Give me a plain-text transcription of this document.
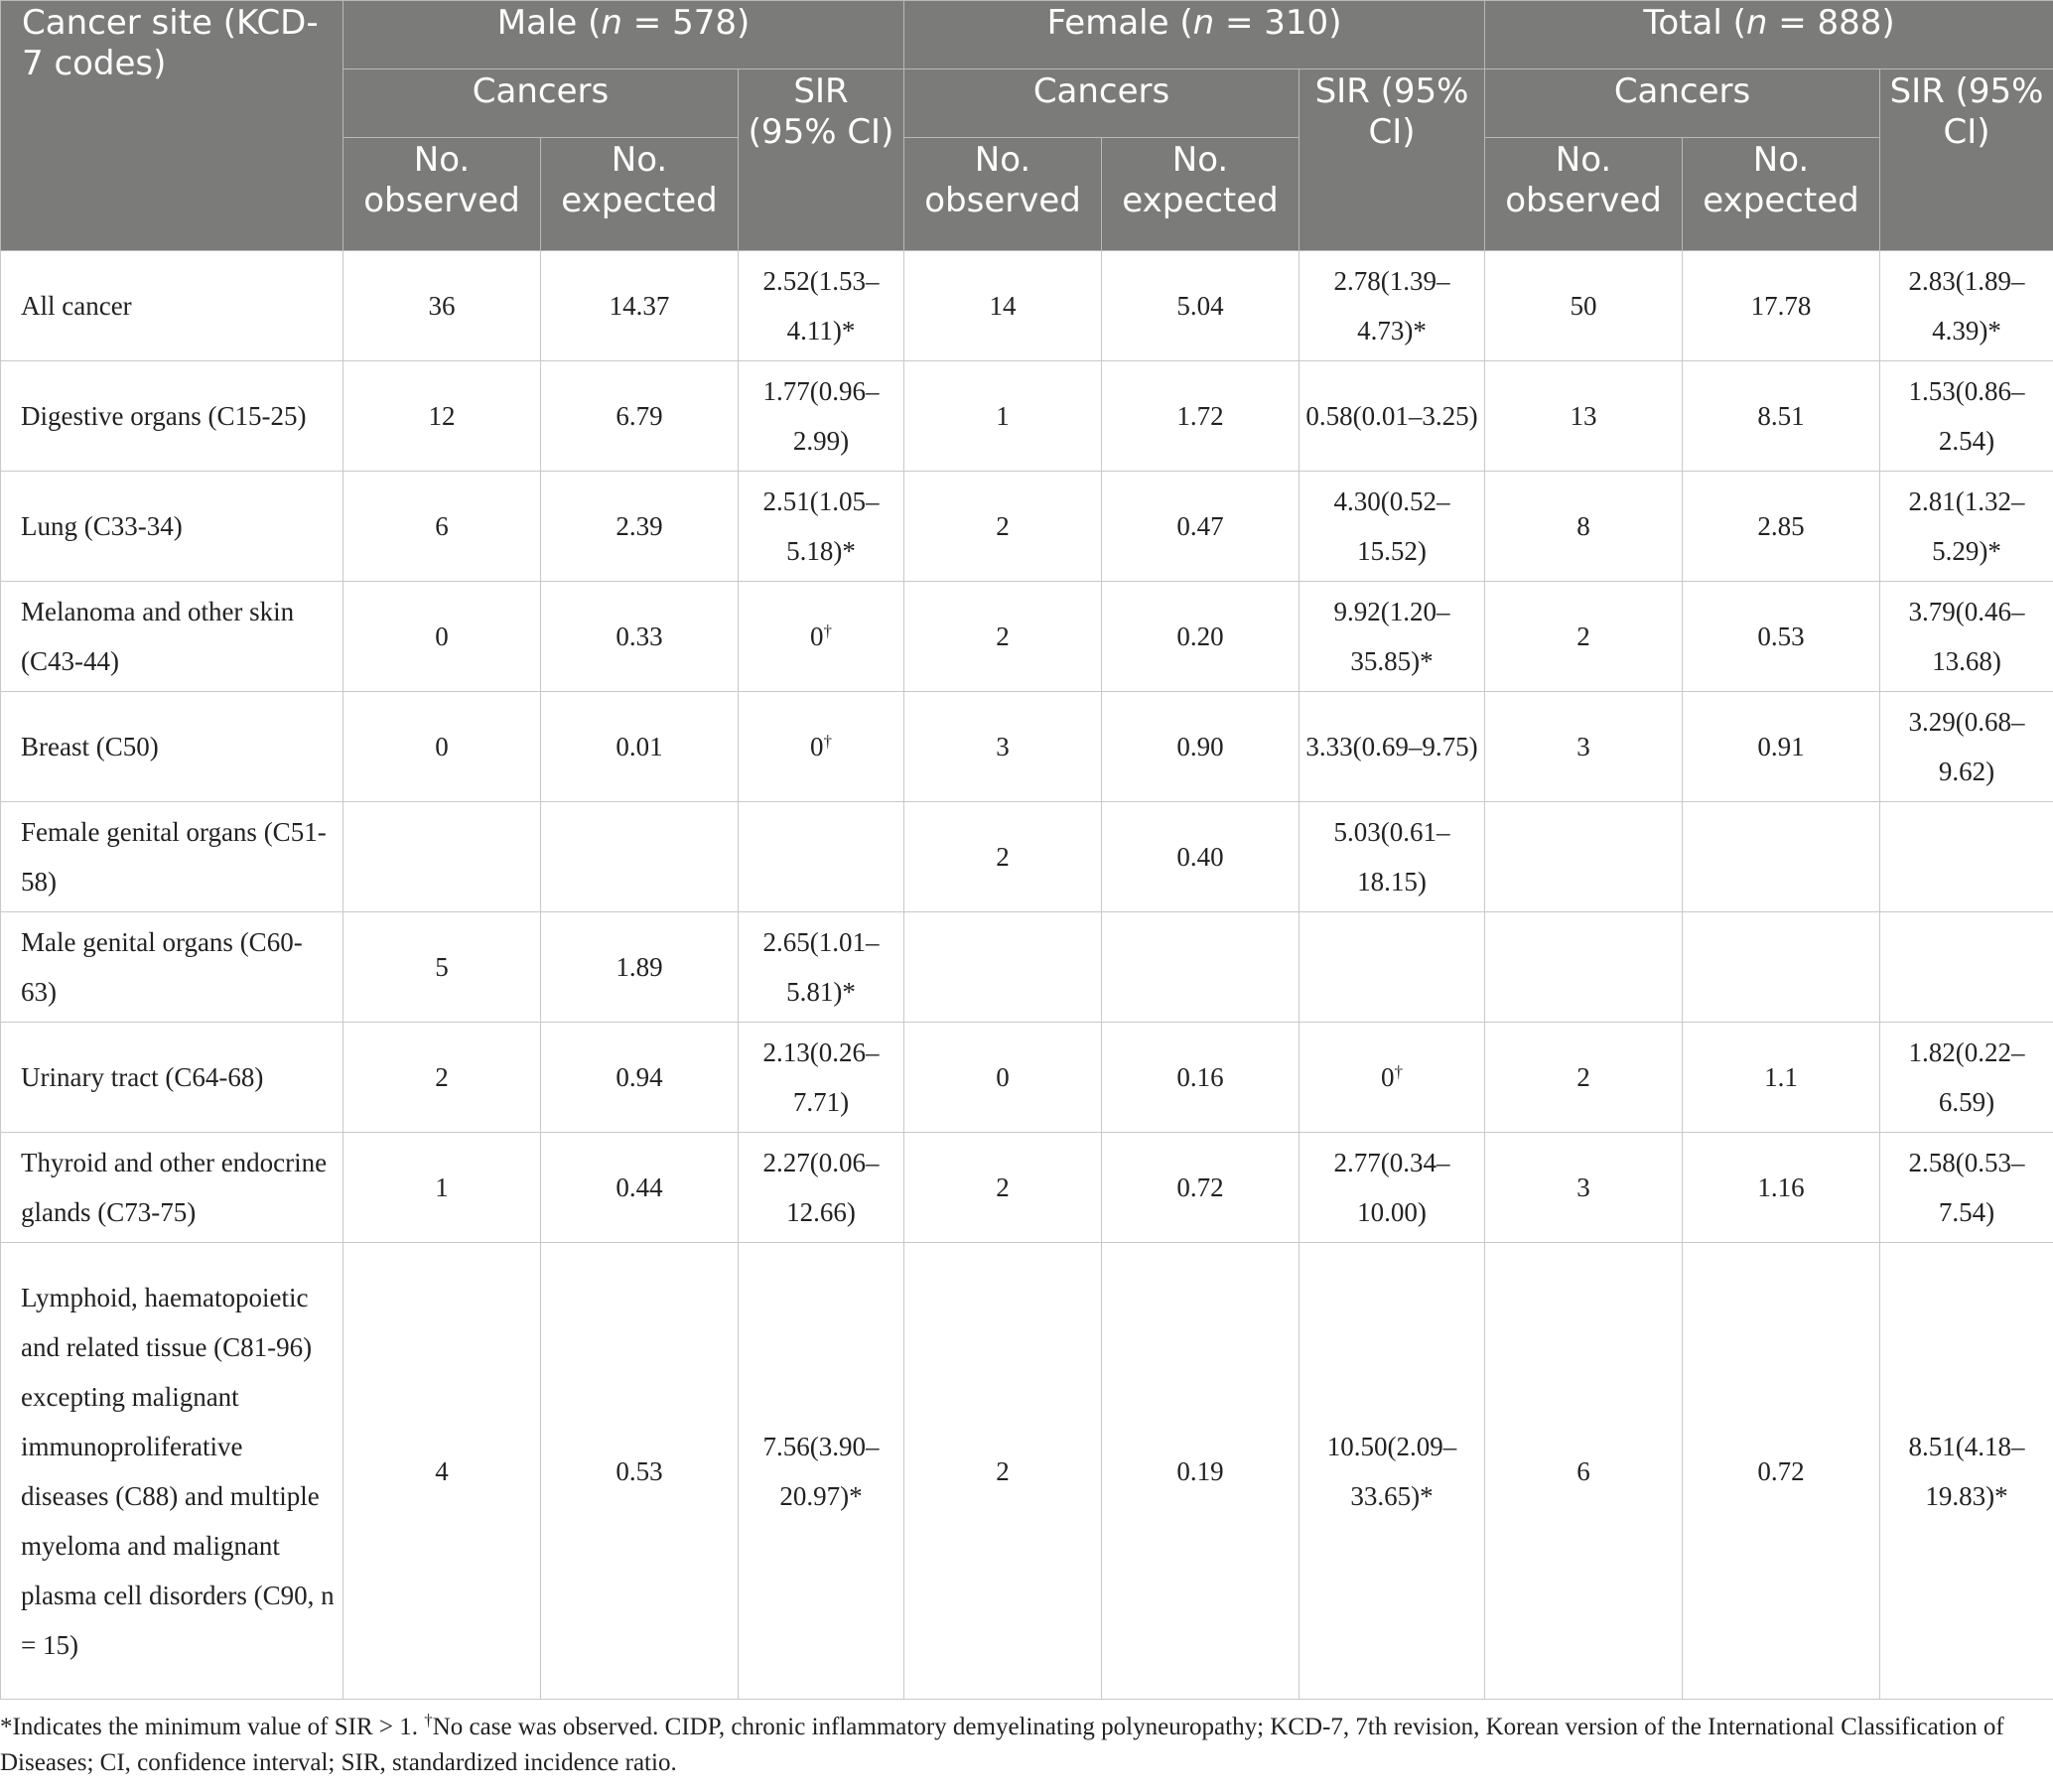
Cancer site (KCD-7 codes)	Male (n = 578)			Female (n = 310)			Total (n = 888)		
	Cancers		SIR (95% CI)	Cancers		SIR (95% CI)	Cancers		SIR (95% CI)
	No. observed	No. expected		No. observed	No. expected		No. observed	No. expected	
All cancer	36	14.37	2.52(1.53–4.11)*	14	5.04	2.78(1.39–4.73)*	50	17.78	2.83(1.89–4.39)*
Digestive organs (C15-25)	12	6.79	1.77(0.96–2.99)	1	1.72	0.58(0.01–3.25)	13	8.51	1.53(0.86–2.54)
Lung (C33-34)	6	2.39	2.51(1.05–5.18)*	2	0.47	4.30(0.52–15.52)	8	2.85	2.81(1.32–5.29)*
Melanoma and other skin (C43-44)	0	0.33	0†	2	0.20	9.92(1.20–35.85)*	2	0.53	3.79(0.46–13.68)
Breast (C50)	0	0.01	0†	3	0.90	3.33(0.69–9.75)	3	0.91	3.29(0.68–9.62)
Female genital organs (C51-58)				2	0.40	5.03(0.61–18.15)			
Male genital organs (C60-63)	5	1.89	2.65(1.01–5.81)*						
Urinary tract (C64-68)	2	0.94	2.13(0.26–7.71)	0	0.16	0†	2	1.1	1.82(0.22–6.59)
Thyroid and other endocrine glands (C73-75)	1	0.44	2.27(0.06–12.66)	2	0.72	2.77(0.34–10.00)	3	1.16	2.58(0.53–7.54)
Lymphoid, haematopoietic and related tissue (C81-96) excepting malignant immunoproliferative diseases (C88) and multiple myeloma and malignant plasma cell disorders (C90, n = 15)	4	0.53	7.56(3.90–20.97)*	2	0.19	10.50(2.09–33.65)*	6	0.72	8.51(4.18–19.83)*
*Indicates the minimum value of SIR > 1. †No case was observed. CIDP, chronic inflammatory demyelinating polyneuropathy; KCD-7, 7th revision, Korean version of the International Classification of Diseases; CI, confidence interval; SIR, standardized incidence ratio.
